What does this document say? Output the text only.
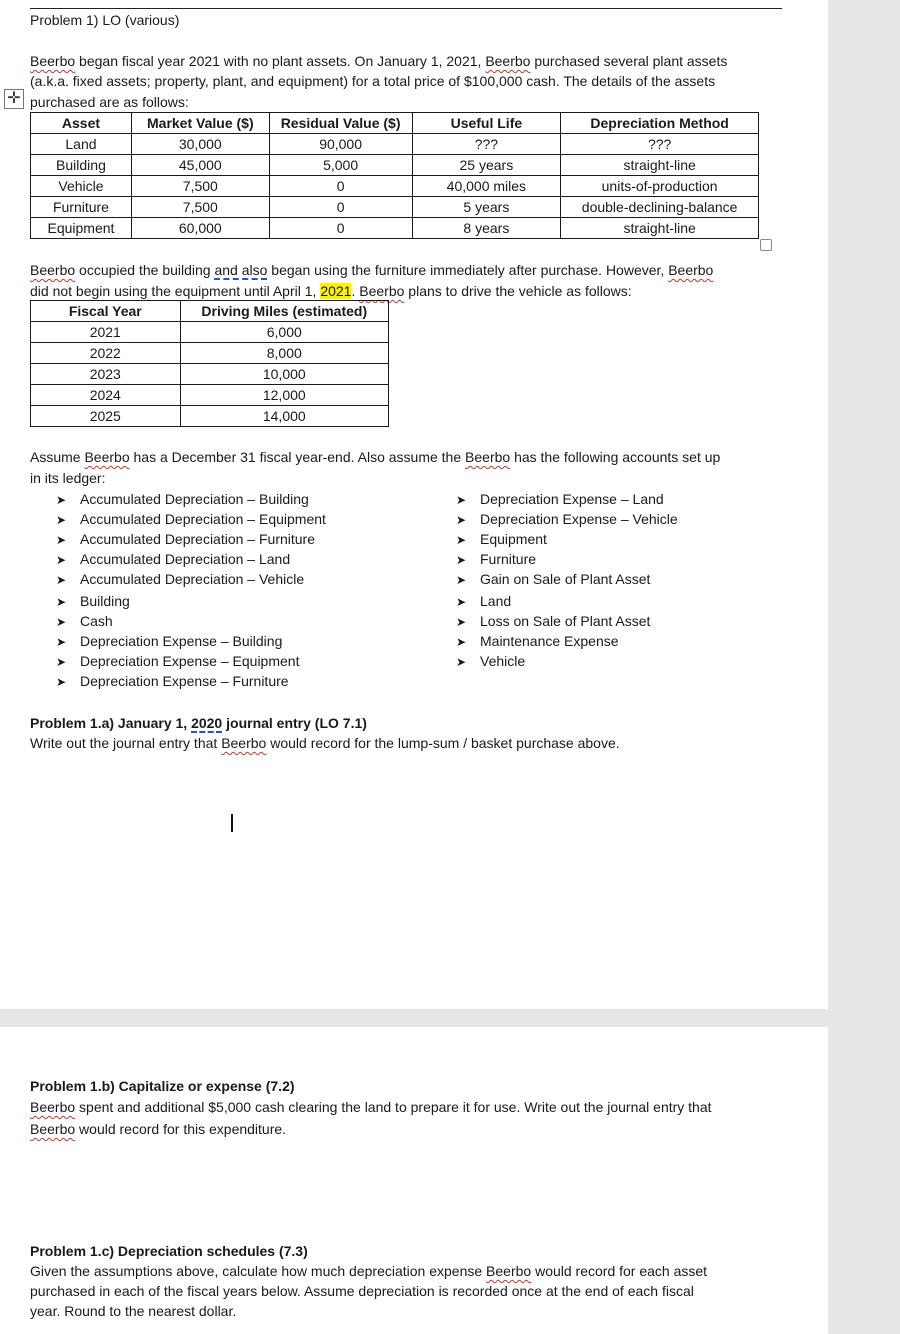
Problem 1) LO (various)
Beerbo began fiscal year 2021 with no plant assets. On January 1, 2021, Beerbo purchased several plant assets
(a.k.a. fixed assets; property, plant, and equipment) for a total price of $100,000 cash. The details of the assets
purchased are as follows:
✛
Asset	Market Value ($)	Residual Value ($)	Useful Life	Depreciation Method
Land	30,000	90,000	???	???
Building	45,000	5,000	25 years	straight-line
Vehicle	7,500	0	40,000 miles	units-of-production
Furniture	7,500	0	5 years	double-declining-balance
Equipment	60,000	0	8 years	straight-line
Beerbo occupied the building and also began using the furniture immediately after purchase. However, Beerbo
did not begin using the equipment until April 1, 2021. Beerbo plans to drive the vehicle as follows:
Fiscal Year	Driving Miles (estimated)
2021	6,000
2022	8,000
2023	10,000
2024	12,000
2025	14,000
Assume Beerbo has a December 31 fiscal year-end. Also assume the Beerbo has the following accounts set up
in its ledger:
➤ Accumulated Depreciation – Building
➤ Accumulated Depreciation – Equipment
➤ Accumulated Depreciation – Furniture
➤ Accumulated Depreciation – Land
➤ Accumulated Depreciation – Vehicle
➤ Building
➤ Cash
➤ Depreciation Expense – Building
➤ Depreciation Expense – Equipment
➤ Depreciation Expense – Furniture
➤ Depreciation Expense – Land
➤ Depreciation Expense – Vehicle
➤ Equipment
➤ Furniture
➤ Gain on Sale of Plant Asset
➤ Land
➤ Loss on Sale of Plant Asset
➤ Maintenance Expense
➤ Vehicle
Problem 1.a) January 1, 2020 journal entry (LO 7.1)
Write out the journal entry that Beerbo would record for the lump-sum / basket purchase above.
Problem 1.b) Capitalize or expense (7.2)
Beerbo spent and additional $5,000 cash clearing the land to prepare it for use. Write out the journal entry that
Beerbo would record for this expenditure.
Problem 1.c) Depreciation schedules (7.3)
Given the assumptions above, calculate how much depreciation expense Beerbo would record for each asset
purchased in each of the fiscal years below. Assume depreciation is recorded once at the end of each fiscal
year. Round to the nearest dollar.
